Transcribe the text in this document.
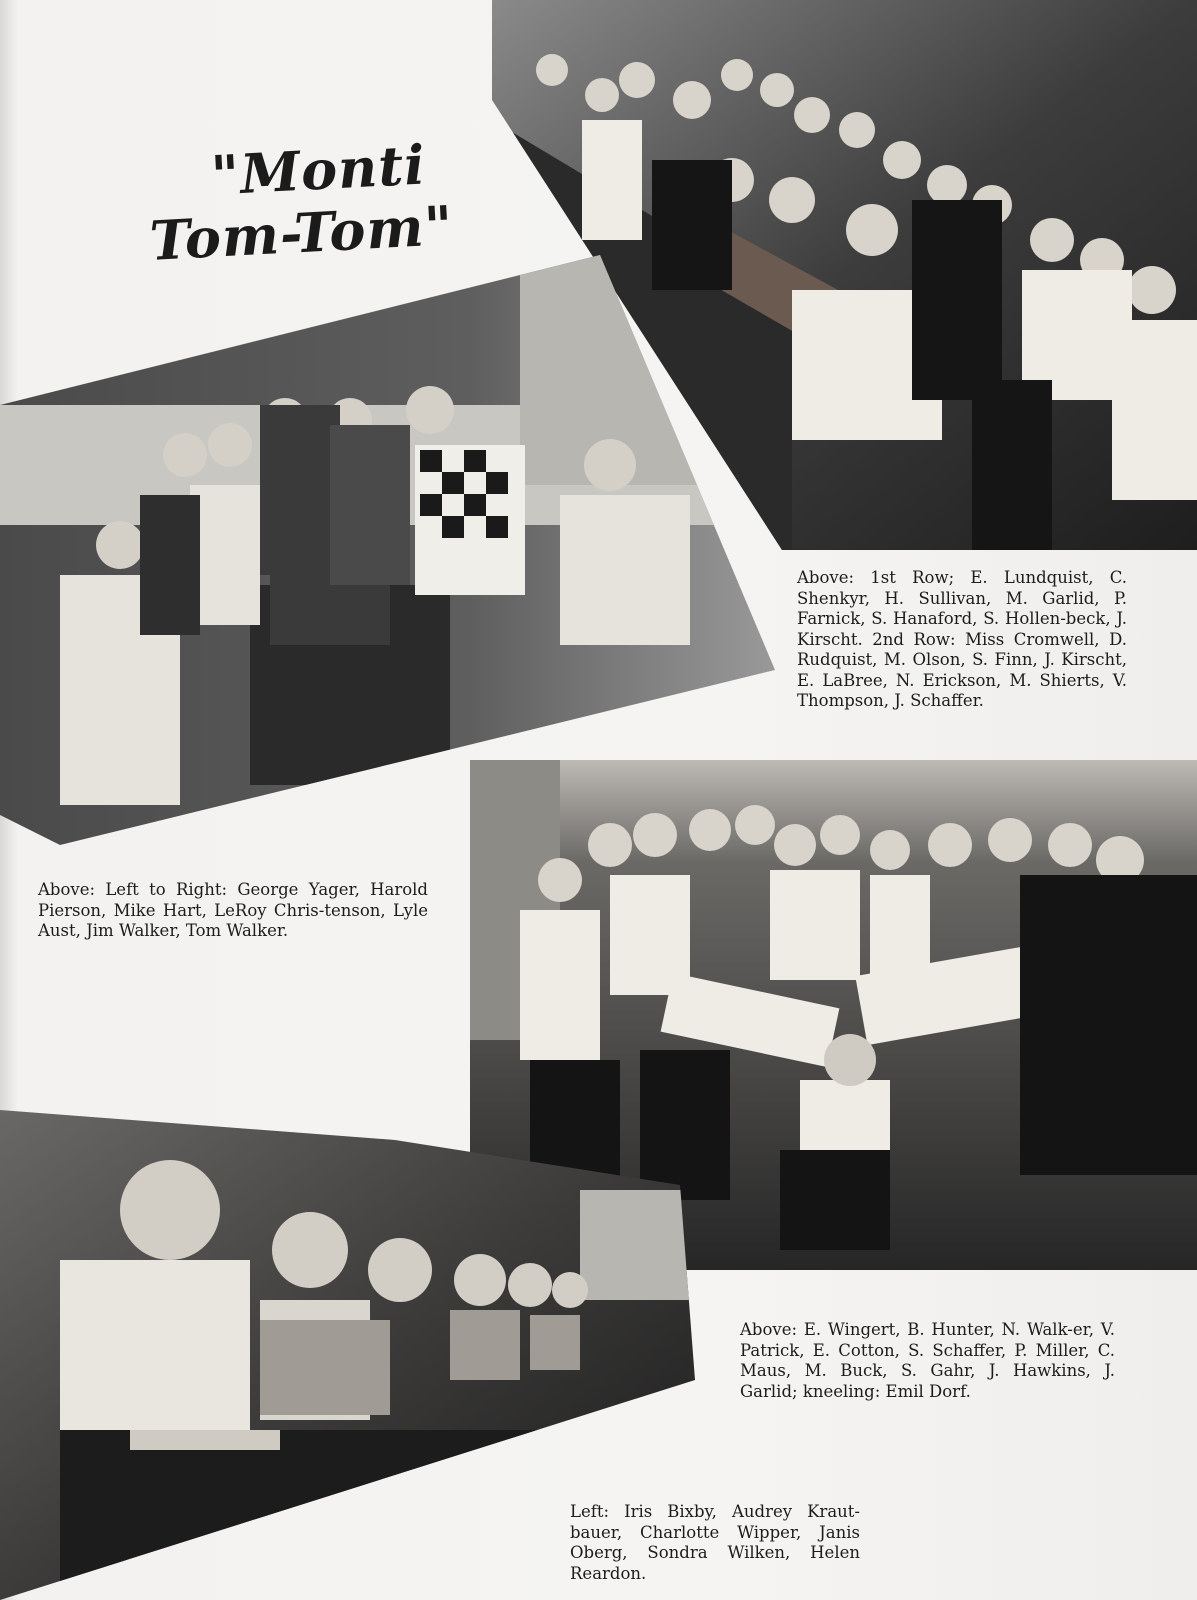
"Monti
Tom-Tom"

Above: 1st Row; E. Lundquist, C. Shenkyr, H. Sullivan, M. Garlid, P. Farnick, S. Hanaford, S. Hollen-beck, J. Kirscht. 2nd Row: Miss Cromwell, D. Rudquist, M. Olson, S. Finn, J. Kirscht, E. LaBree, N. Erickson, M. Shierts, V. Thompson, J. Schaffer.

Above: Left to Right: George Yager, Harold Pierson, Mike Hart, LeRoy Chris-tenson, Lyle Aust, Jim Walker, Tom Walker.

Above: E. Wingert, B. Hunter, N. Walk-er, V. Patrick, E. Cotton, S. Schaffer, P. Miller, C. Maus, M. Buck, S. Gahr, J. Hawkins, J. Garlid; kneeling: Emil Dorf.

Left: Iris Bixby, Audrey Kraut-bauer, Charlotte Wipper, Janis Oberg, Sondra Wilken, Helen Reardon.
